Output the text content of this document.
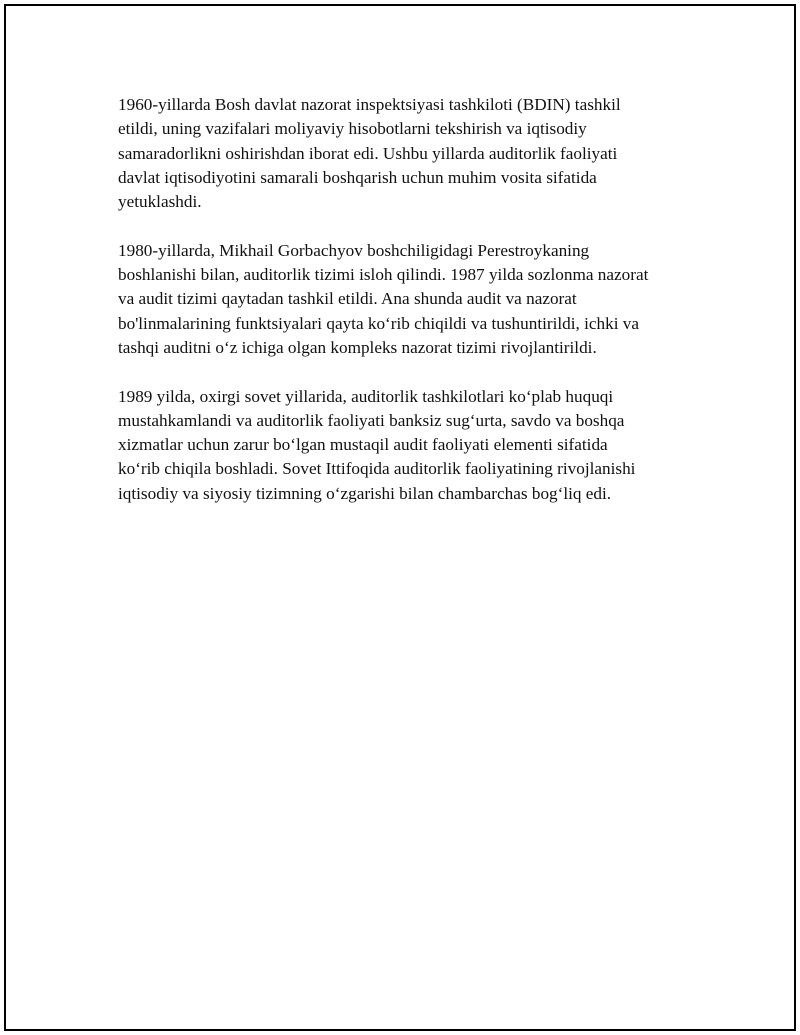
1960-yillarda Bosh davlat nazorat inspektsiyasi tashkiloti (BDIN) tashkil
etildi, uning vazifalari moliyaviy hisobotlarni tekshirish va iqtisodiy
samaradorlikni oshirishdan iborat edi. Ushbu yillarda auditorlik faoliyati
davlat iqtisodiyotini samarali boshqarish uchun muhim vosita sifatida
yetuklashdi.

1980-yillarda, Mikhail Gorbachyov boshchiligidagi Perestroykaning
boshlanishi bilan, auditorlik tizimi isloh qilindi. 1987 yilda sozlonma nazorat
va audit tizimi qaytadan tashkil etildi. Ana shunda audit va nazorat
bo'linmalarining funktsiyalari qayta ko‘rib chiqildi va tushuntirildi, ichki va
tashqi auditni o‘z ichiga olgan kompleks nazorat tizimi rivojlantirildi.

1989 yilda, oxirgi sovet yillarida, auditorlik tashkilotlari ko‘plab huquqi
mustahkamlandi va auditorlik faoliyati banksiz sug‘urta, savdo va boshqa
xizmatlar uchun zarur bo‘lgan mustaqil audit faoliyati elementi sifatida
ko‘rib chiqila boshladi. Sovet Ittifoqida auditorlik faoliyatining rivojlanishi
iqtisodiy va siyosiy tizimning o‘zgarishi bilan chambarchas bog‘liq edi.
